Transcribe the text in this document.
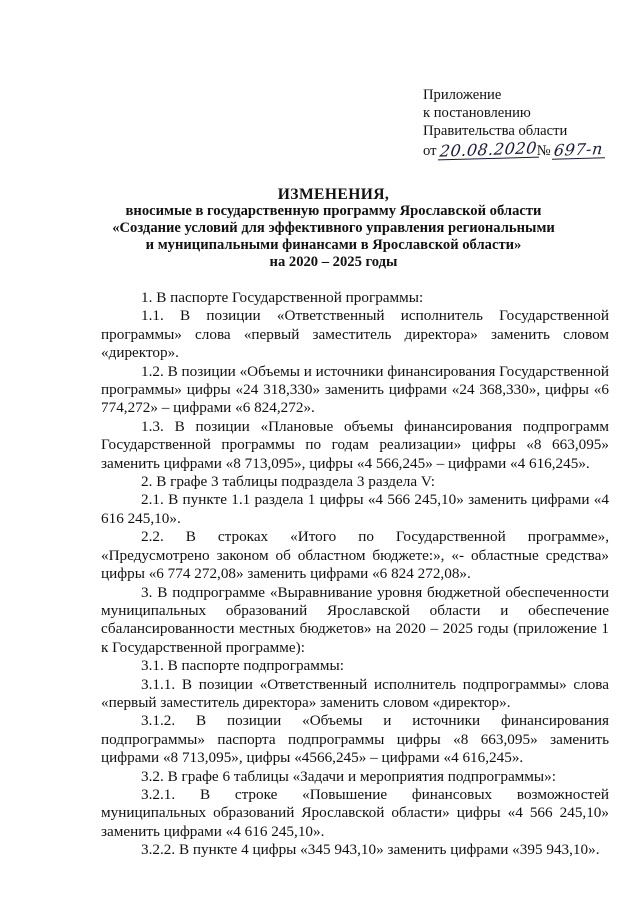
Приложение
к постановлению
Правительства области
от 20.08.2020№ 697-п
ИЗМЕНЕНИЯ,
вносимые в государственную программу Ярославской области
«Создание условий для эффективного управления региональными
и муниципальными финансами в Ярославской области»
на 2020 – 2025 годы

1. В паспорте Государственной программы:

1.1. В позиции «Ответственный исполнитель Государственной программы» слова «первый заместитель директора» заменить словом «директор».

1.2. В позиции «Объемы и источники финансирования Государственной программы» цифры «24 318,330» заменить цифрами «24 368,330», цифры «6 774,272» – цифрами «6 824,272».

1.3. В позиции «Плановые объемы финансирования подпрограмм Государственной программы по годам реализации» цифры «8 663,095» заменить цифрами «8 713,095», цифры «4 566,245» – цифрами «4 616,245».

2. В графе 3 таблицы подраздела 3 раздела V:

2.1. В пункте 1.1 раздела 1 цифры «4 566 245,10» заменить цифрами «4 616 245,10».

2.2. В строках «Итого по Государственной программе», «Предусмотрено законом об областном бюджете:», «- областные средства» цифры «6 774 272,08» заменить цифрами «6 824 272,08».

3. В подпрограмме «Выравнивание уровня бюджетной обеспеченности муниципальных образований Ярославской области и обеспечение сбалансированности местных бюджетов» на 2020 – 2025 годы (приложение 1 к Государственной программе):

3.1. В паспорте подпрограммы:

3.1.1. В позиции «Ответственный исполнитель подпрограммы» слова «первый заместитель директора» заменить словом «директор».

3.1.2. В позиции «Объемы и источники финансирования подпрограммы» паспорта подпрограммы цифры «8 663,095» заменить цифрами «8 713,095», цифры «4566,245» – цифрами «4 616,245».

3.2. В графе 6 таблицы «Задачи и мероприятия подпрограммы»:

3.2.1. В строке «Повышение финансовых возможностей муниципальных образований Ярославской области» цифры «4 566 245,10» заменить цифрами «4 616 245,10».

3.2.2. В пункте 4 цифры «345 943,10» заменить цифрами «395 943,10».
